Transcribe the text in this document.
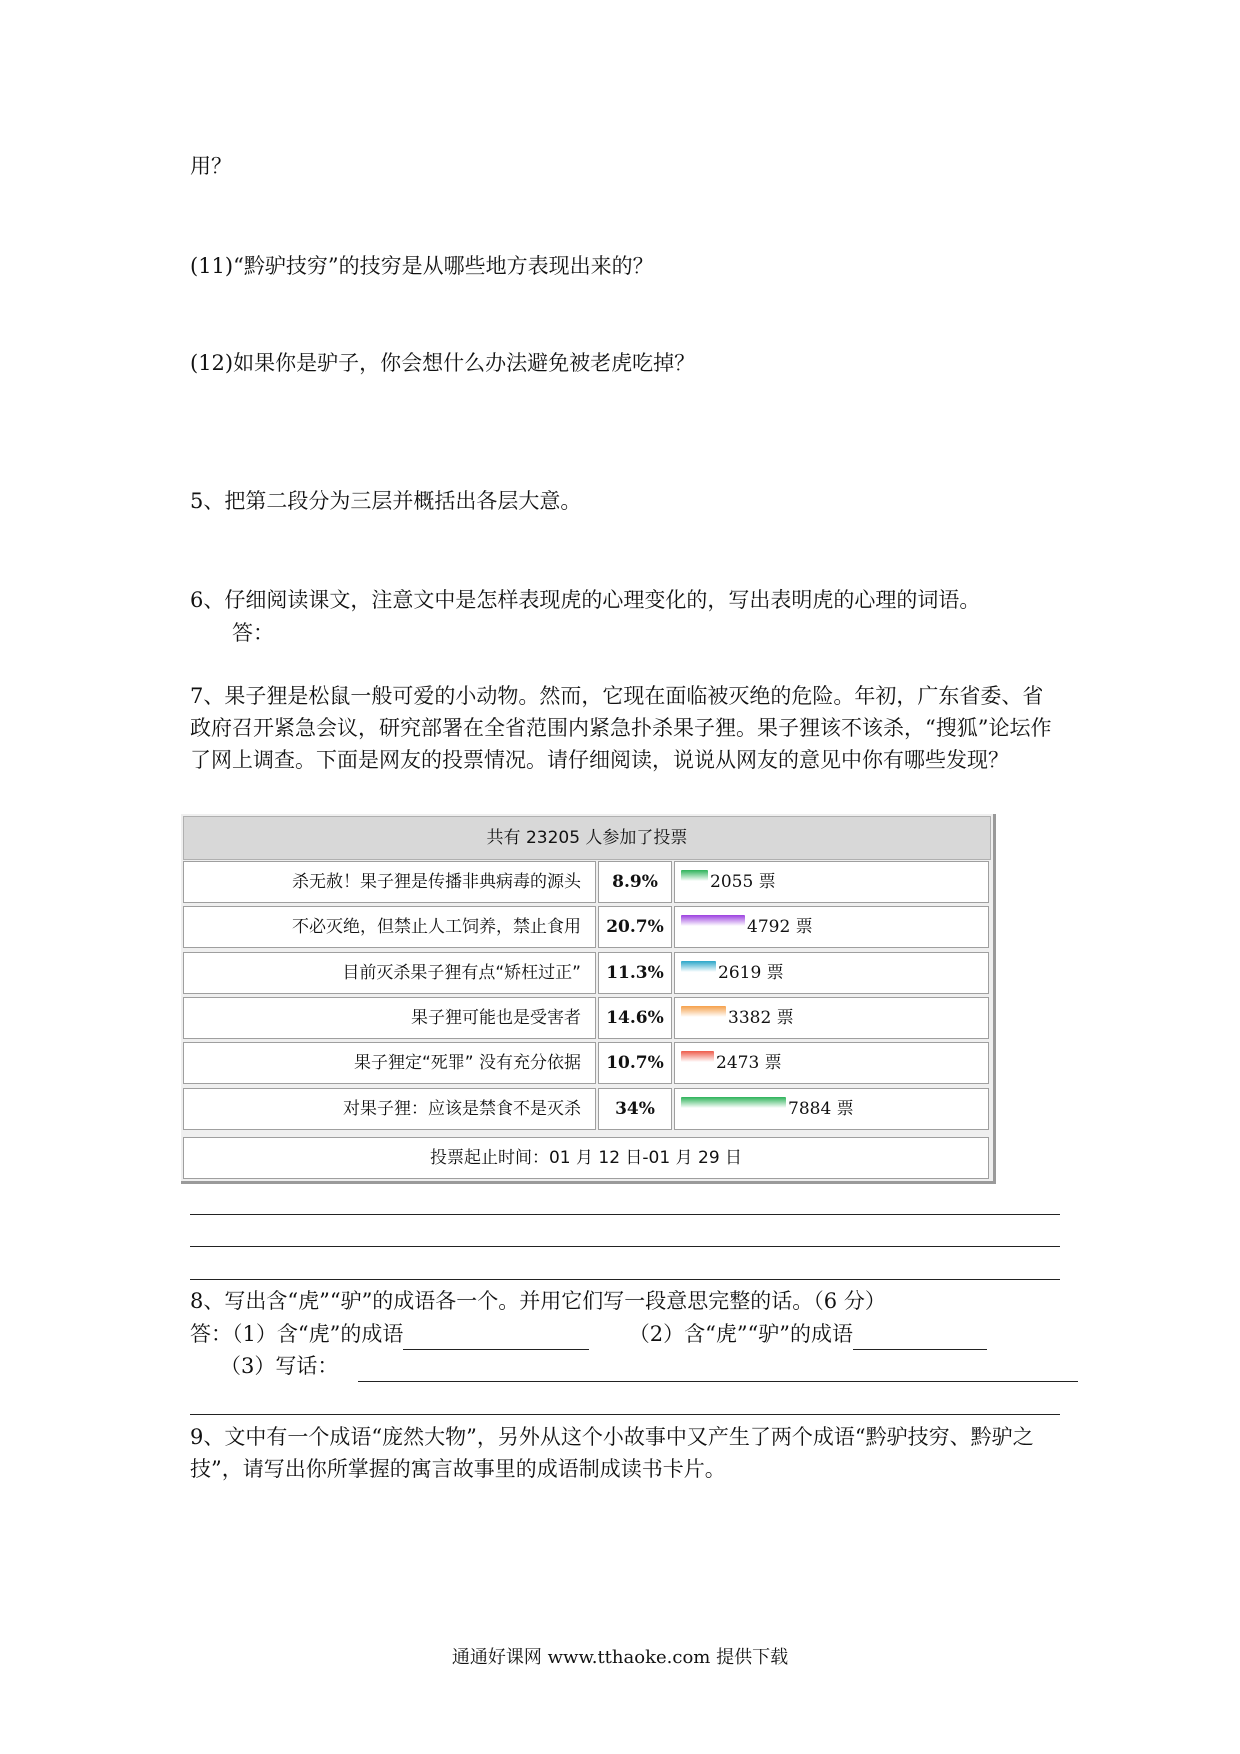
用？
(11)“黔驴技穷”的技穷是从哪些地方表现出来的？
(12)如果你是驴子，你会想什么办法避免被老虎吃掉？
5、把第二段分为三层并概括出各层大意。
6、仔细阅读课文，注意文中是怎样表现虎的心理变化的，写出表明虎的心理的词语。
答：
7、果子狸是松鼠一般可爱的小动物。然而，它现在面临被灭绝的危险。年初，广东省委、省政府召开紧急会议，研究部署在全省范围内紧急扑杀果子狸。果子狸该不该杀，“搜狐”论坛作了网上调查。下面是网友的投票情况。请仔细阅读，说说从网友的意见中你有哪些发现？
共有 23205 人参加了投票
杀无赦！果子狸是传播非典病毒的源头	8.9%	2055 票
不必灭绝，但禁止人工饲养，禁止食用	20.7%	4792 票
目前灭杀果子狸有点“矫枉过正”	11.3%	2619 票
果子狸可能也是受害者	14.6%	3382 票
果子狸定“死罪” 没有充分依据	10.7%	2473 票
对果子狸：应该是禁食不是灭杀	34%	7884 票
投票起止时间：01 月 12 日-01 月 29 日
8、写出含“虎”“驴”的成语各一个。并用它们写一段意思完整的话。（6 分）
答：（1）含“虎”的成语	（2）含“虎”“驴”的成语
（3）写话：
9、文中有一个成语“庞然大物”，另外从这个小故事中又产生了两个成语“黔驴技穷、黔驴之技”，请写出你所掌握的寓言故事里的成语制成读书卡片。
通通好课网 www.tthaoke.com 提供下载
